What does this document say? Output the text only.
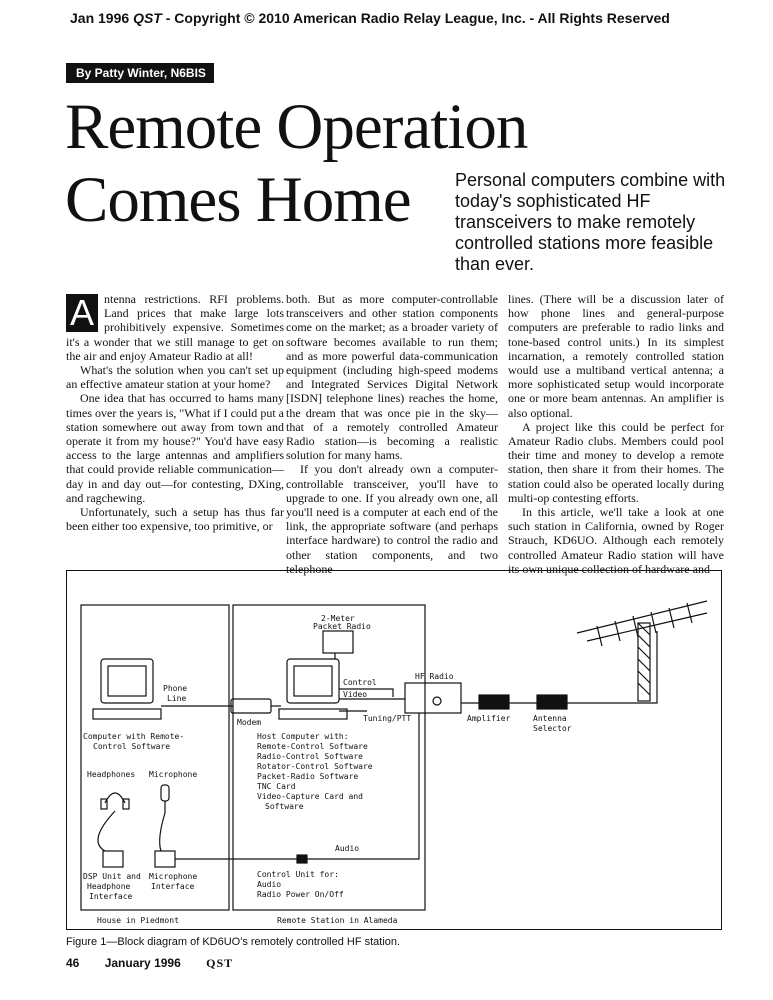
Jan 1996 QST - Copyright © 2010 American Radio Relay League, Inc. - All Rights Reserved
By Patty Winter, N6BIS
Remote Operation
Comes Home Personal computers combine with today's sophisticated HF transceivers to make remotely controlled stations more feasible than ever.
A ntenna restrictions. RFI problems. Land prices that make large lots prohibitively expensive. Sometimes it's a wonder that we still manage to get on the air and enjoy Amateur Radio at all!

What's the solution when you can't set up an effective amateur station at your home?

One idea that has occurred to hams many times over the years is, "What if I could put a station somewhere out away from town and operate it from my house?" You'd have easy access to the large antennas and amplifiers that could provide reliable communication—day in and day out—for contesting, DXing, and ragchewing.

Unfortunately, such a setup has thus far been either too expensive, too primitive, or

both. But as more computer-controllable transceivers and other station components come on the market; as a broader variety of software becomes available to run them; and as more powerful data-communication equipment (including high-speed modems and Integrated Services Digital Network [ISDN] telephone lines) reaches the home, the dream that was once pie in the sky—that of a remotely controlled Amateur Radio station—is becoming a realistic solution for many hams.

If you don't already own a computer-controllable transceiver, you'll have to upgrade to one. If you already own one, all you'll need is a computer at each end of the link, the appropriate software (and perhaps interface hardware) to control the radio and other station components, and two telephone

lines. (There will be a discussion later of how phone lines and general-purpose computers are preferable to radio links and tone-based control units.) In its simplest incarnation, a remotely controlled station would use a multiband vertical antenna; a more sophisticated setup would incorporate one or more beam antennas. An amplifier is also optional.

A project like this could be perfect for Amateur Radio clubs. Members could pool their time and money to develop a remote station, then share it from their homes. The station could also be operated locally during multi-op contesting efforts.

In this article, we'll take a look at one such station in California, owned by Roger Strauch, KD6UO. Although each remotely controlled Amateur Radio station will have its own unique collection of hardware and

2-Meter
Packet Radio
Phone
Line
Control
Video
HF Radio
Modem	Tuning/PTT	Amplifier	Antenna
Selector
Computer with Remote-
Control Software
Host Computer with:
Remote-Control Software
Radio-Control Software
Rotator-Control Software
Packet-Radio Software
TNC Card
Video-Capture Card and
Software
Headphones Microphone
Audio
DSP Unit and
Headphone
Interface
Microphone
Interface
Control Unit for:
Audio
Radio Power On/Off
House in Piedmont	Remote Station in Alameda
Figure 1—Block diagram of KD6UO's remotely controlled HF station.
46 January 1996 QST
